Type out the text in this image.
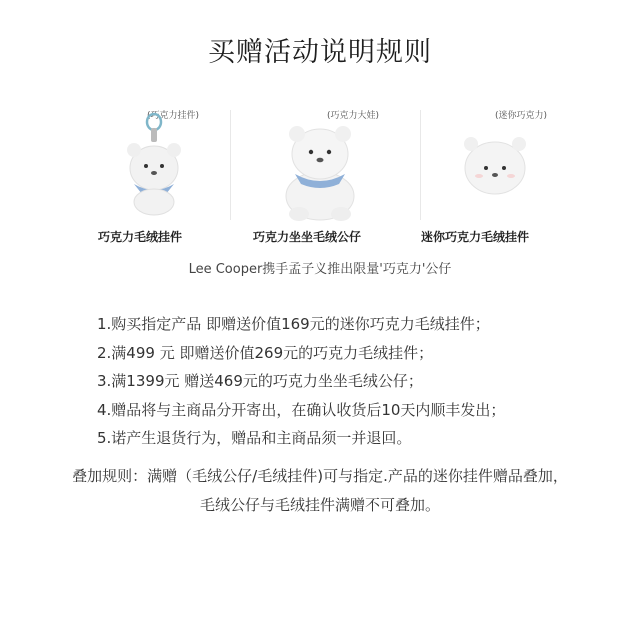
买赠活动说明规则
(巧克力挂件)
巧克力毛绒挂件
(巧克力大娃)
巧克力坐坐毛绒公仔
(迷你巧克力)
迷你巧克力毛绒挂件
Lee Cooper携手孟子义推出限量'巧克力'公仔
1.购买指定产品 即赠送价值169元的迷你巧克力毛绒挂件；
2.满499 元 即赠送价值269元的巧克力毛绒挂件；
3.满1399元 赠送469元的巧克力坐坐毛绒公仔；
4.赠品将与主商品分开寄出，在确认收货后10天内顺丰发出；
5.诺产生退货行为，赠品和主商品须一并退回。
叠加规则：满赠（毛绒公仔/毛绒挂件)可与指定.产品的迷你挂件赠品叠加，
毛绒公仔与毛绒挂件满赠不可叠加。
